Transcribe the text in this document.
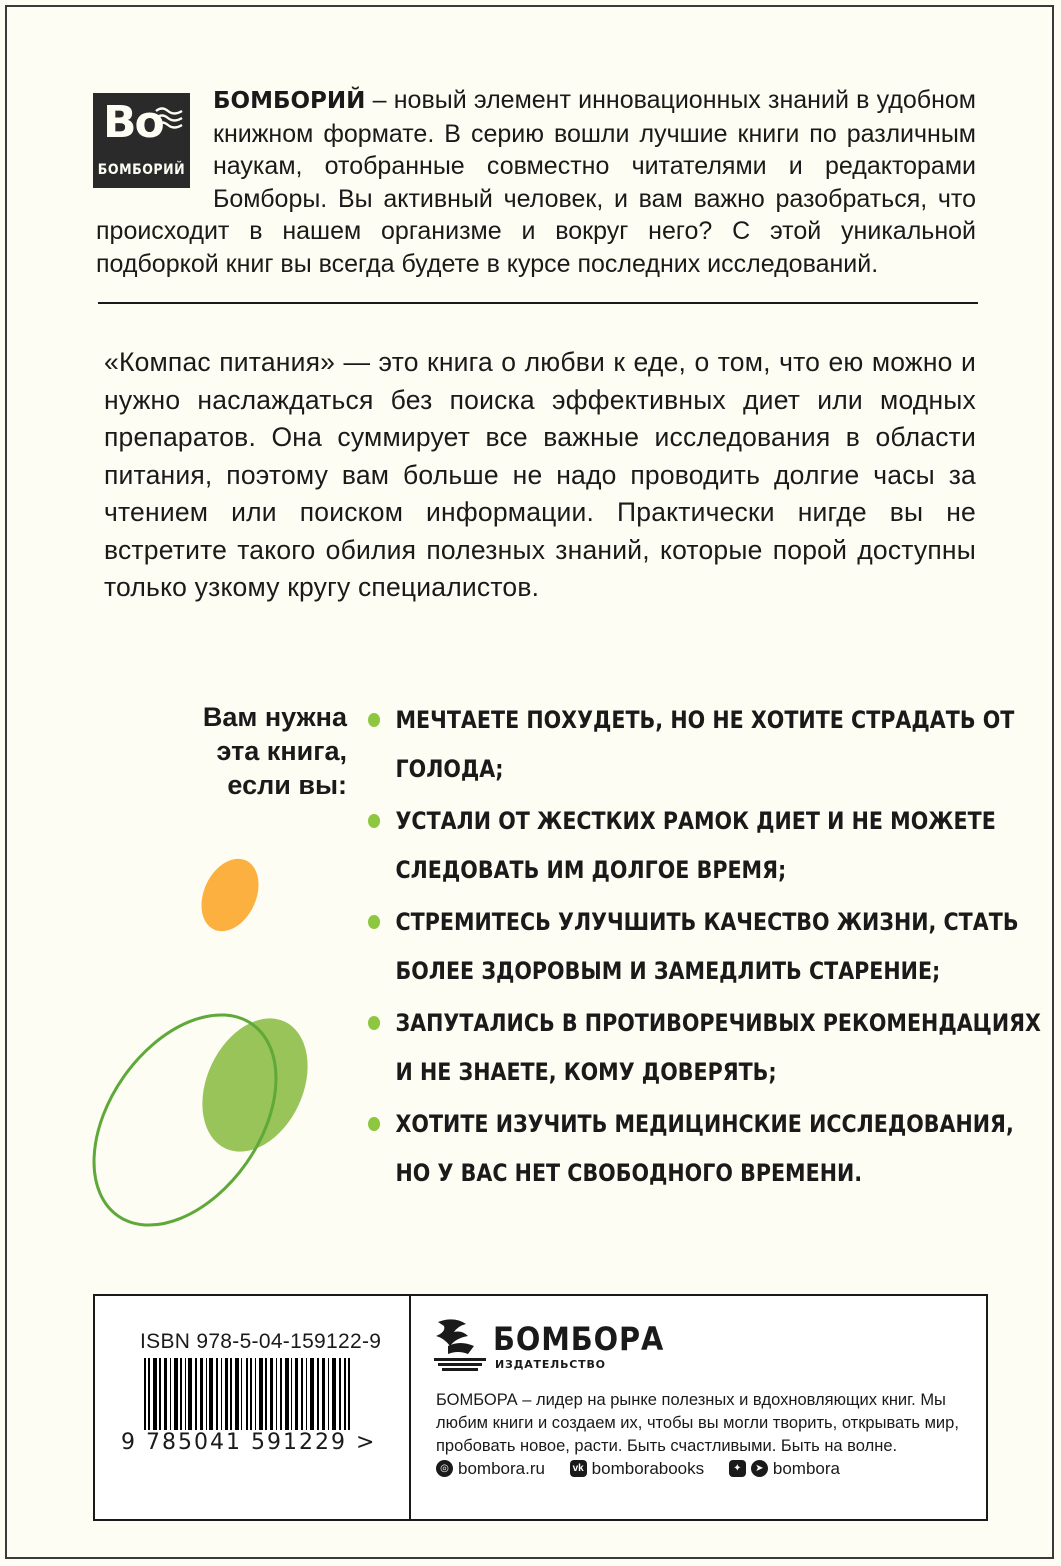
Bo
БОМБОРИЙ

БОМБОРИЙ – новый элемент инновационных знаний в удобном книжном формате. В серию вошли лучшие книги по различным наукам, отобранные совместно читателями и редакторами Бомборы. Вы активный человек, и вам важно разобраться, что происходит в нашем организме и вокруг него? С этой уникальной подборкой книг вы всегда будете в курсе последних исследований.

«Компас питания» — это книга о любви к еде, о том, что ею можно и нужно наслаждаться без поиска эффективных диет или модных препаратов. Она суммирует все важные исследования в области питания, поэтому вам больше не надо проводить долгие часы за чтением или поиском информации. Практически нигде вы не встретите такого обилия полезных знаний, которые порой доступны только узкому кругу специалистов.

Вам нужна
эта книга,
если вы:

МЕЧТАЕТЕ ПОХУДЕТЬ, НО НЕ ХОТИТЕ СТРАДАТЬ ОТ ГОЛОДА;
УСТАЛИ ОТ ЖЕСТКИХ РАМОК ДИЕТ И НЕ МОЖЕТЕ СЛЕДОВАТЬ ИМ ДОЛГОЕ ВРЕМЯ;
СТРЕМИТЕСЬ УЛУЧШИТЬ КАЧЕСТВО ЖИЗНИ, СТАТЬ БОЛЕЕ ЗДОРОВЫМ И ЗАМЕДЛИТЬ СТАРЕНИЕ;
ЗАПУТАЛИСЬ В ПРОТИВОРЕЧИВЫХ РЕКОМЕНДАЦИЯХ И НЕ ЗНАЕТЕ, КОМУ ДОВЕРЯТЬ;
ХОТИТЕ ИЗУЧИТЬ МЕДИЦИНСКИЕ ИССЛЕДОВАНИЯ, НО У ВАС НЕТ СВОБОДНОГО ВРЕМЕНИ.
ISBN 978-5-04-159122-9
9 785041 591229 >
БОМБОРА
ИЗДАТЕЛЬСТВО

БОМБОРА – лидер на рынке полезных и вдохновляющих книг. Мы любим книги и создаем их, чтобы вы могли творить, открывать мир, пробовать новое, расти. Быть счастливыми. Быть на волне.

◎ bombora.ru
	vk bomborabooks
	✦	➤ bombora
